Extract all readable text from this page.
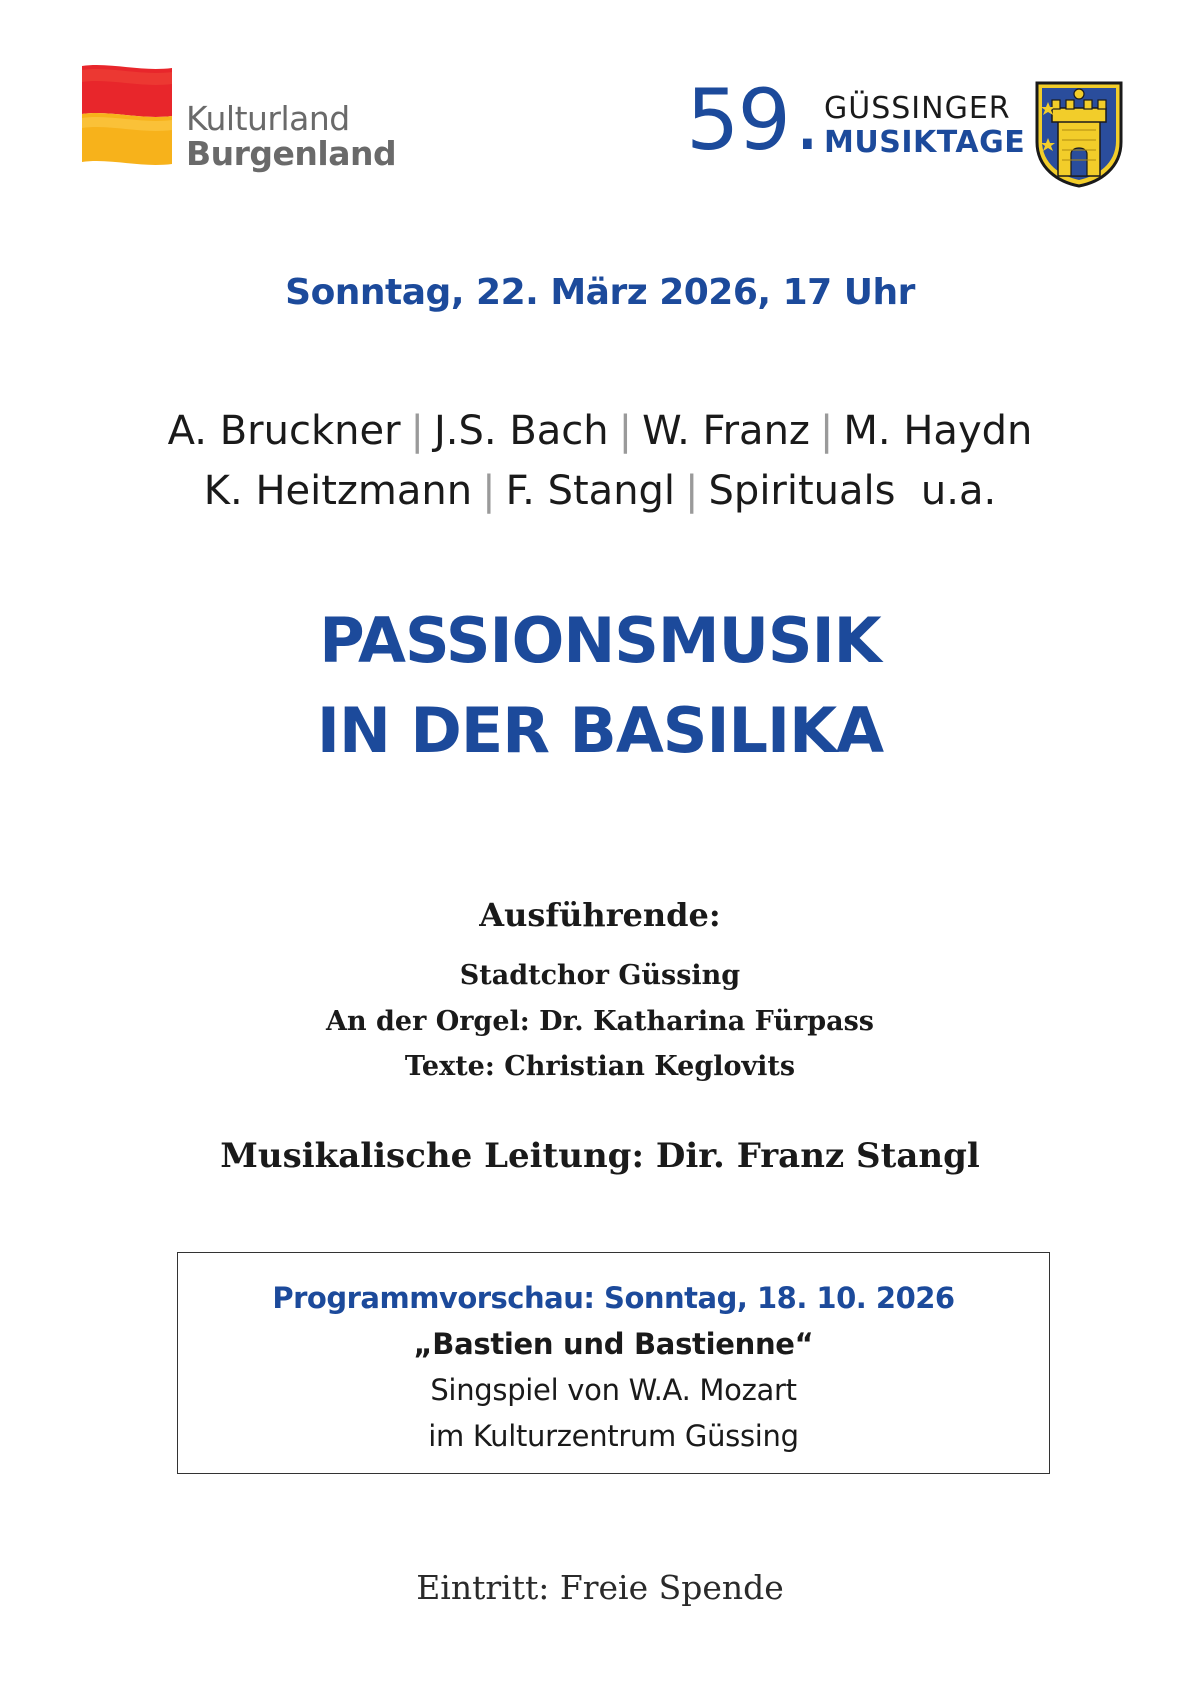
Kulturland
Burgenland	59 . GÜSSINGER
MUSIKTAGE
Sonntag, 22. März 2026, 17 Uhr
A. Bruckner | J.S. Bach | W. Franz | M. Haydn
K. Heitzmann | F. Stangl | Spirituals  u.a.
PASSIONSMUSIK
IN DER BASILIKA
Ausführende:
Stadtchor Güssing
An der Orgel: Dr. Katharina Fürpass
Texte: Christian Keglovits
Musikalische Leitung: Dir. Franz Stangl
Programmvorschau: Sonntag, 18. 10. 2026
„Bastien und Bastienne“
Singspiel von W.A. Mozart
im Kulturzentrum Güssing
Eintritt: Freie Spende
